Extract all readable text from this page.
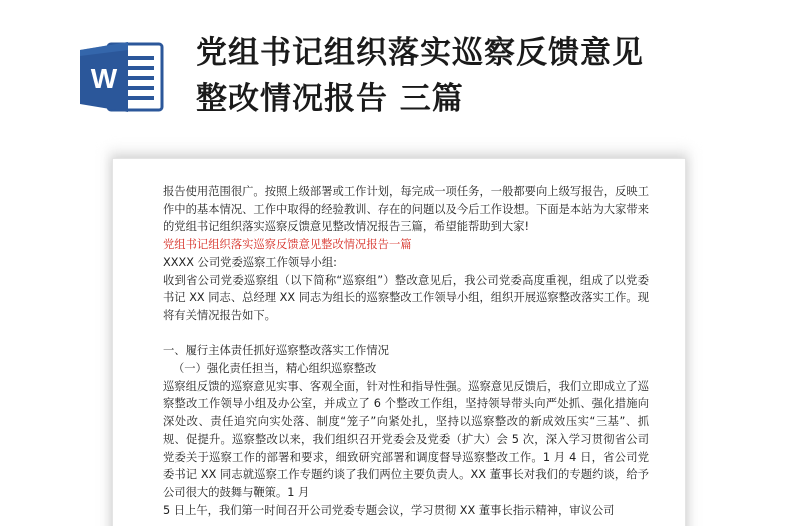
W
党组书记组织落实巡察反馈意见
整改情况报告 三篇
报告使用范围很广。按照上级部署或工作计划，每完成一项任务，一般都要向上级写报告，反映工作中的基本情况、工作中取得的经验教训、存在的问题以及今后工作设想。下面是本站为大家带来的党组书记组织落实巡察反馈意见整改情况报告三篇，希望能帮助到大家!
党组书记组织落实巡察反馈意见整改情况报告一篇
XXXX 公司党委巡察工作领导小组:
收到省公司党委巡察组（以下简称“巡察组”）整改意见后，我公司党委高度重视，组成了以党委书记 XX 同志、总经理 XX 同志为组长的巡察整改工作领导小组，组织开展巡察整改落实工作。现将有关情况报告如下。
一、履行主体责任抓好巡察整改落实工作情况
（一）强化责任担当，精心组织巡察整改
巡察组反馈的巡察意见实事、客观全面，针对性和指导性强。巡察意见反馈后，我们立即成立了巡察整改工作领导小组及办公室，并成立了 6 个整改工作组，坚持领导带头向严处抓、强化措施向深处改、责任追究向实处落、制度“笼子”向紧处扎，坚持以巡察整改的新成效压实“三基”、抓规、促提升。巡察整改以来，我们组织召开党委会及党委（扩大）会 5 次，深入学习贯彻省公司党委关于巡察工作的部署和要求，细致研究部署和调度督导巡察整改工作。1 月 4 日，省公司党委书记 XX 同志就巡察工作专题约谈了我们两位主要负责人。XX 董事长对我们的专题约谈，给予公司很大的鼓舞与鞭策。1 月
5 日上午，我们第一时间召开公司党委专题会议，学习贯彻 XX 董事长指示精神，审议公司
